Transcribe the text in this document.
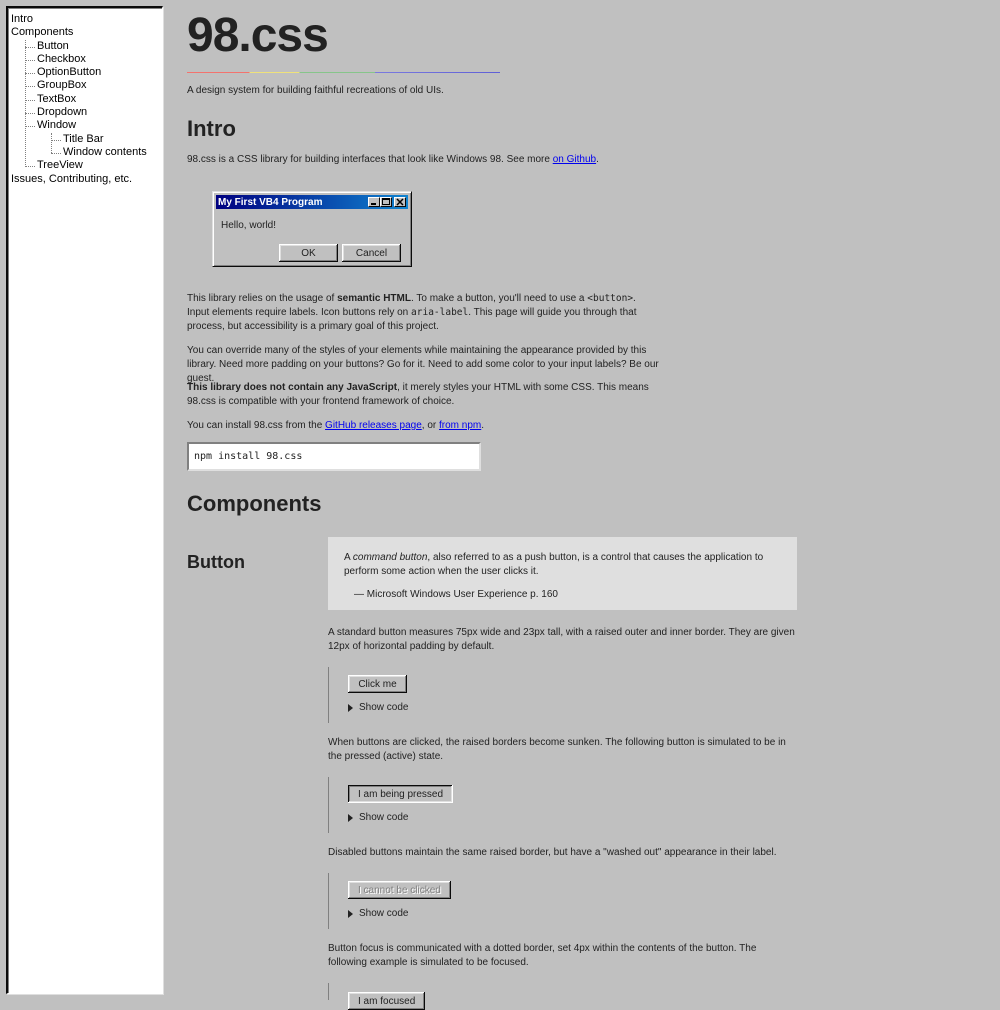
Intro
Components
Button
Checkbox
OptionButton
GroupBox
TextBox
Dropdown
Window
Title Bar
Window contents
TreeView
Issues, Contributing, etc.
98.css

A design system for building faithful recreations of old UIs.

Intro

98.css is a CSS library for building interfaces that look like Windows 98. See more on Github.

My First VB4 Program

Hello, world!

OK	Cancel

This library relies on the usage of semantic HTML. To make a button, you'll need to use a <button>. Input elements require labels. Icon buttons rely on aria-label. This page will guide you through that process, but accessibility is a primary goal of this project.

You can override many of the styles of your elements while maintaining the appearance provided by this library. Need more padding on your buttons? Go for it. Need to add some color to your input labels? Be our guest.

This library does not contain any JavaScript, it merely styles your HTML with some CSS. This means 98.css is compatible with your frontend framework of choice.

You can install 98.css from the GitHub releases page, or from npm.

npm install 98.css
Components
Button	A command button, also referred to as a push button, is a control that causes the application to perform some action when the user clicks it.

— Microsoft Windows User Experience p. 160

A standard button measures 75px wide and 23px tall, with a raised outer and inner border. They are given 12px of horizontal padding by default.

Click me
Show code

When buttons are clicked, the raised borders become sunken. The following button is simulated to be in the pressed (active) state.

I am being pressed
Show code

Disabled buttons maintain the same raised border, but have a "washed out" appearance in their label.

I cannot be clicked
Show code

Button focus is communicated with a dotted border, set 4px within the contents of the button. The following example is simulated to be focused.

I am focused
